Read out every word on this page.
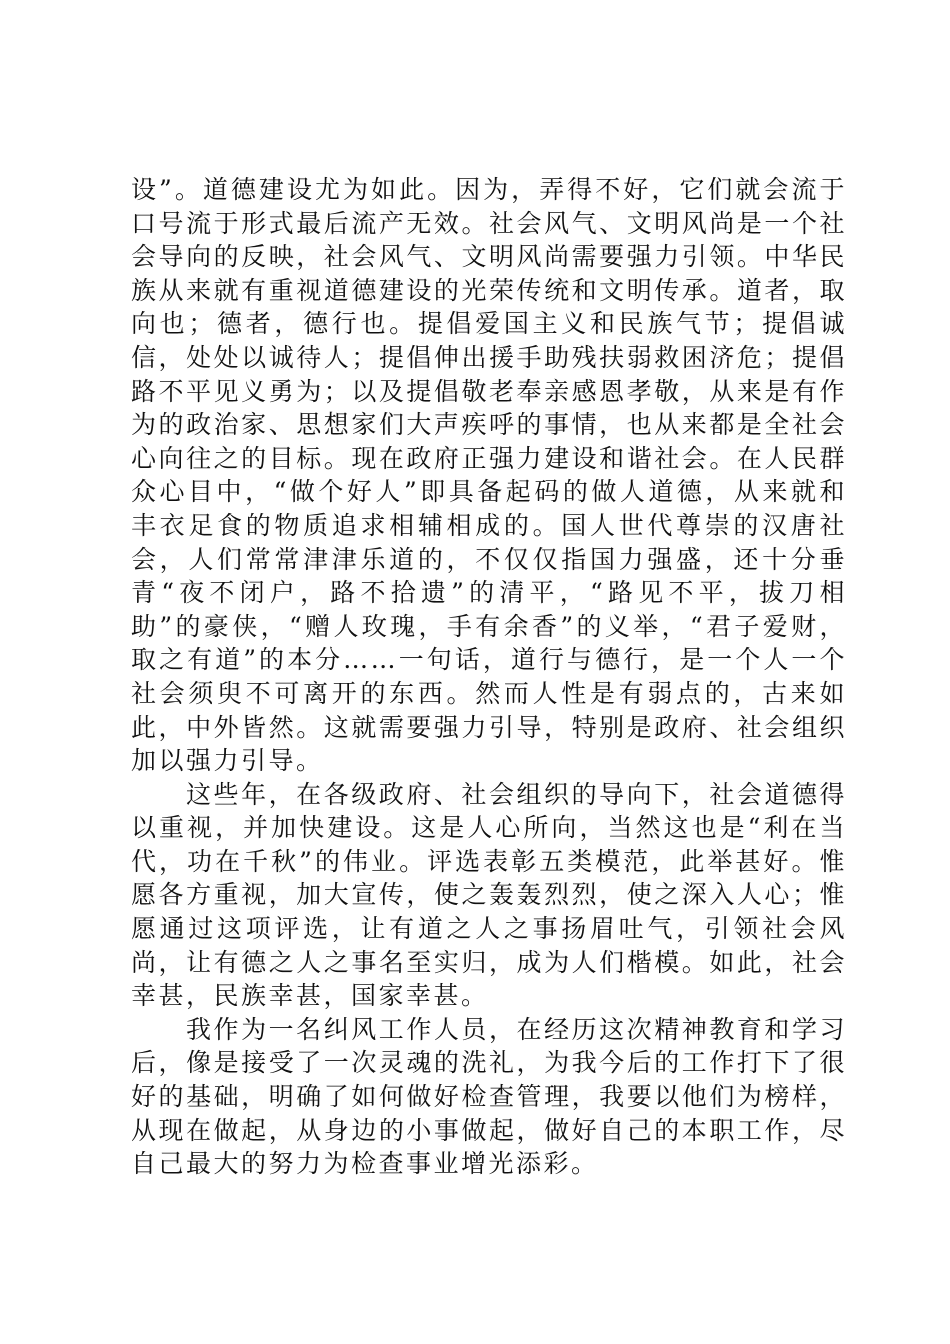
设”。道德建设尤为如此。因为，弄得不好，它们就会流于口号流于形式最后流产无效。社会风气、文明风尚是一个社会导向的反映，社会风气、文明风尚需要强力引领。中华民族从来就有重视道德建设的光荣传统和文明传承。道者，取向也；德者，德行也。提倡爱国主义和民族气节；提倡诚信，处处以诚待人；提倡伸出援手助残扶弱救困济危；提倡路不平见义勇为；以及提倡敬老奉亲感恩孝敬，从来是有作为的政治家、思想家们大声疾呼的事情，也从来都是全社会心向往之的目标。现在政府正强力建设和谐社会。在人民群众心目中，“做个好人”即具备起码的做人道德，从来就和丰衣足食的物质追求相辅相成的。国人世代尊崇的汉唐社会，人们常常津津乐道的，不仅仅指国力强盛，还十分垂青“夜不闭户，路不拾遗”的清平，“路见不平，拔刀相助”的豪侠，“赠人玫瑰，手有余香”的义举，“君子爱财，取之有道”的本分……一句话，道行与德行，是一个人一个社会须臾不可离开的东西。然而人性是有弱点的，古来如此，中外皆然。这就需要强力引导，特别是政府、社会组织加以强力引导。

这些年，在各级政府、社会组织的导向下，社会道德得以重视，并加快建设。这是人心所向，当然这也是“利在当代，功在千秋”的伟业。评选表彰五类模范，此举甚好。惟愿各方重视，加大宣传，使之轰轰烈烈，使之深入人心；惟愿通过这项评选，让有道之人之事扬眉吐气，引领社会风尚，让有德之人之事名至实归，成为人们楷模。如此，社会幸甚，民族幸甚，国家幸甚。

我作为一名纠风工作人员，在经历这次精神教育和学习后，像是接受了一次灵魂的洗礼，为我今后的工作打下了很好的基础，明确了如何做好检查管理，我要以他们为榜样，从现在做起，从身边的小事做起，做好自己的本职工作，尽自己最大的努力为检查事业增光添彩。
